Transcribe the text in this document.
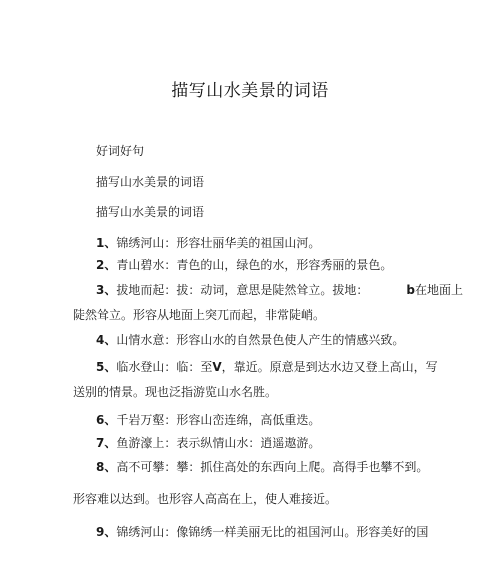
描写山水美景的词语
好词好句
描写山水美景的词语
描写山水美景的词语
1、锦绣河山：形容壮丽华美的祖国山河。
2、青山碧水：青色的山，绿色的水，形容秀丽的景色。
3、拔地而起：拔：动词，意思是陡然耸立。拔地：	b在地面上
陡然耸立。形容从地面上突兀而起，非常陡峭。
4、山情水意：形容山水的自然景色使人产生的情感兴致。
5、临水登山：临：至V，靠近。原意是到达水边又登上高山，写
送别的情景。现也泛指游览山水名胜。
6、千岩万壑：形容山峦连绵，高低重迭。
7、鱼游濠上：表示纵情山水：逍遥遨游。
8、高不可攀：攀：抓住高处的东西向上爬。高得手也攀不到。
形容难以达到。也形容人高高在上，使人难接近。
9、锦绣河山：像锦绣一样美丽无比的祖国河山。形容美好的国
